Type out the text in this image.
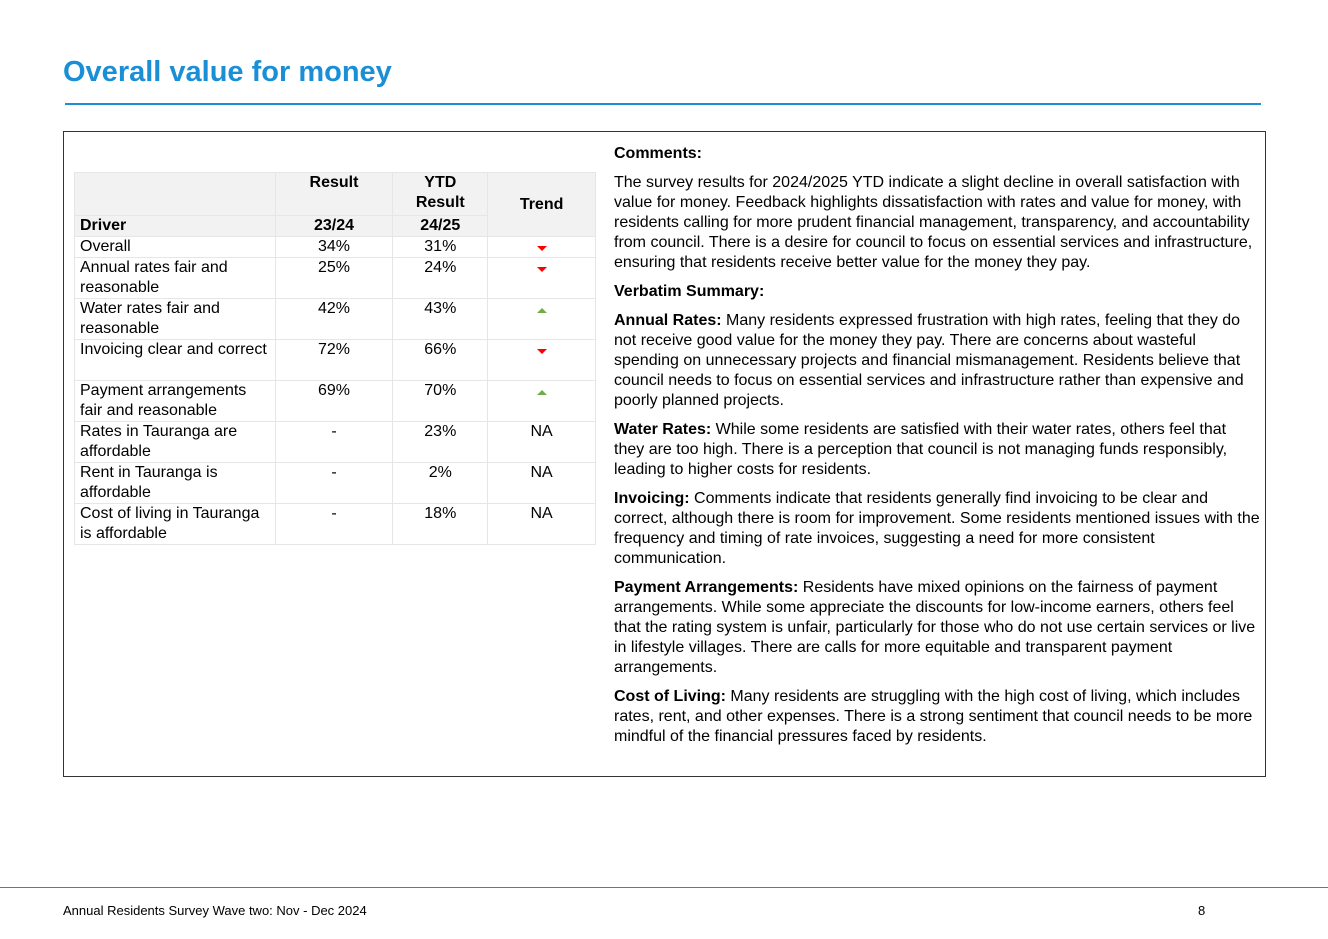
Overall value for money
	Result	YTD Result	Trend
Driver	23/24	24/25	
Overall	34%	31%	
Annual rates fair and reasonable	25%	24%	
Water rates fair and reasonable	42%	43%	
Invoicing clear and correct	72%	66%	
Payment arrangements fair and reasonable	69%	70%	
Rates in Tauranga are affordable	-	23%	NA
Rent in Tauranga is affordable	-	2%	NA
Cost of living in Tauranga is affordable	-	18%	NA

Comments:

The survey results for 2024/2025 YTD indicate a slight decline in overall satisfaction with value for money. Feedback highlights dissatisfaction with rates and value for money, with residents calling for more prudent financial management, transparency, and accountability from council. There is a desire for council to focus on essential services and infrastructure, ensuring that residents receive better value for the money they pay.

Verbatim Summary:

Annual Rates: Many residents expressed frustration with high rates, feeling that they do not receive good value for the money they pay. There are concerns about wasteful spending on unnecessary projects and financial mismanagement. Residents believe that council needs to focus on essential services and infrastructure rather than expensive and poorly planned projects.

Water Rates: While some residents are satisfied with their water rates, others feel that they are too high. There is a perception that council is not managing funds responsibly, leading to higher costs for residents.

Invoicing: Comments indicate that residents generally find invoicing to be clear and correct, although there is room for improvement. Some residents mentioned issues with the frequency and timing of rate invoices, suggesting a need for more consistent communication.

Payment Arrangements: Residents have mixed opinions on the fairness of payment arrangements. While some appreciate the discounts for low-income earners, others feel that the rating system is unfair, particularly for those who do not use certain services or live in lifestyle villages. There are calls for more equitable and transparent payment arrangements.

Cost of Living: Many residents are struggling with the high cost of living, which includes rates, rent, and other expenses. There is a strong sentiment that council needs to be more mindful of the financial pressures faced by residents.

Annual Residents Survey Wave two: Nov - Dec 2024	8
